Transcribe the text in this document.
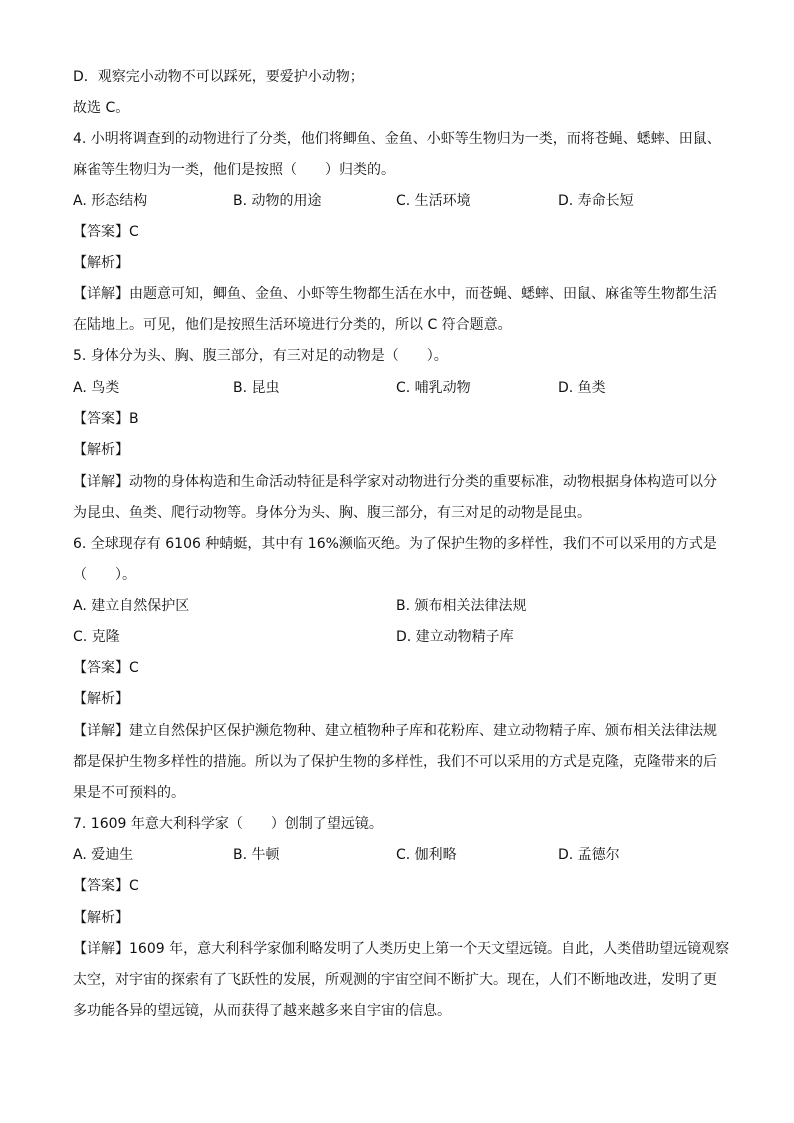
D．观察完小动物不可以踩死，要爱护小动物；
故选 C。
4. 小明将调查到的动物进行了分类，他们将鲫鱼、金鱼、小虾等生物归为一类，而将苍蝇、蟋蟀、田鼠、
麻雀等生物归为一类，他们是按照（　　）归类的。
A. 形态结构	B. 动物的用途	C. 生活环境	D. 寿命长短
【答案】C
【解析】
【详解】由题意可知，鲫鱼、金鱼、小虾等生物都生活在水中，而苍蝇、蟋蟀、田鼠、麻雀等生物都生活
在陆地上。可见，他们是按照生活环境进行分类的，所以 C 符合题意。
5. 身体分为头、胸、腹三部分，有三对足的动物是（　　）。
A. 鸟类	B. 昆虫	C. 哺乳动物	D. 鱼类
【答案】B
【解析】
【详解】动物的身体构造和生命活动特征是科学家对动物进行分类的重要标准，动物根据身体构造可以分
为昆虫、鱼类、爬行动物等。身体分为头、胸、腹三部分，有三对足的动物是昆虫。
6. 全球现存有 6106 种蜻蜓，其中有 16%濒临灭绝。为了保护生物的多样性，我们不可以采用的方式是
（　　）。
A. 建立自然保护区	B. 颁布相关法律法规
C. 克隆	D. 建立动物精子库
【答案】C
【解析】
【详解】建立自然保护区保护濒危物种、建立植物种子库和花粉库、建立动物精子库、颁布相关法律法规
都是保护生物多样性的措施。所以为了保护生物的多样性，我们不可以采用的方式是克隆，克隆带来的后
果是不可预料的。
7. 1609 年意大利科学家（　　）创制了望远镜。
A. 爱迪生	B. 牛顿	C. 伽利略	D. 孟德尔
【答案】C
【解析】
【详解】1609 年，意大利科学家伽利略发明了人类历史上第一个天文望远镜。自此，人类借助望远镜观察
太空，对宇宙的探索有了飞跃性的发展，所观测的宇宙空间不断扩大。现在，人们不断地改进，发明了更
多功能各异的望远镜，从而获得了越来越多来自宇宙的信息。
